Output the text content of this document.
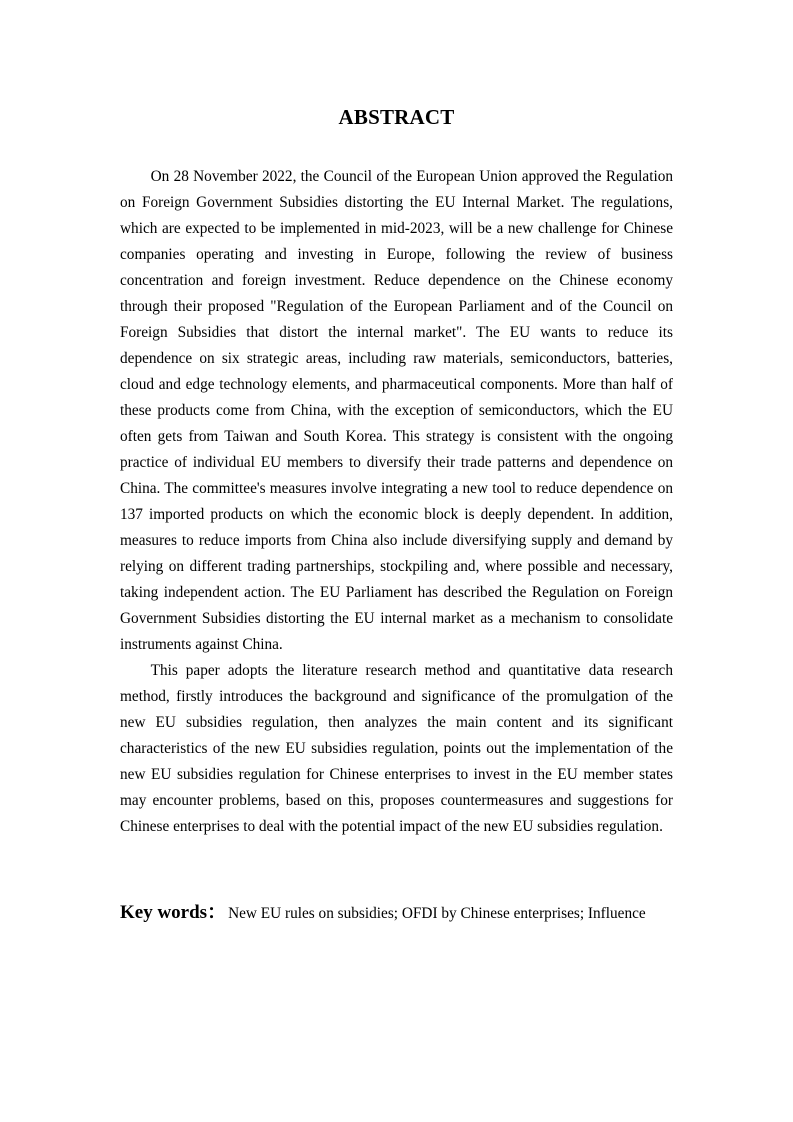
ABSTRACT

On 28 November 2022, the Council of the European Union approved the Regulation on Foreign Government Subsidies distorting the EU Internal Market. The regulations, which are expected to be implemented in mid-2023, will be a new challenge for Chinese companies operating and investing in Europe, following the review of business concentration and foreign investment. Reduce dependence on the Chinese economy through their proposed "Regulation of the European Parliament and of the Council on Foreign Subsidies that distort the internal market". The EU wants to reduce its dependence on six strategic areas, including raw materials, semiconductors, batteries, cloud and edge technology elements, and pharmaceutical components. More than half of these products come from China, with the exception of semiconductors, which the EU often gets from Taiwan and South Korea. This strategy is consistent with the ongoing practice of individual EU members to diversify their trade patterns and dependence on China. The committee's measures involve integrating a new tool to reduce dependence on 137 imported products on which the economic block is deeply dependent. In addition, measures to reduce imports from China also include diversifying supply and demand by relying on different trading partnerships, stockpiling and, where possible and necessary, taking independent action. The EU Parliament has described the Regulation on Foreign Government Subsidies distorting the EU internal market as a mechanism to consolidate instruments against China.

This paper adopts the literature research method and quantitative data research method, firstly introduces the background and significance of the promulgation of the new EU subsidies regulation, then analyzes the main content and its significant characteristics of the new EU subsidies regulation, points out the implementation of the new EU subsidies regulation for Chinese enterprises to invest in the EU member states may encounter problems, based on this, proposes countermeasures and suggestions for Chinese enterprises to deal with the potential impact of the new EU subsidies regulation.

Key words： New EU rules on subsidies; OFDI by Chinese enterprises; Influence
